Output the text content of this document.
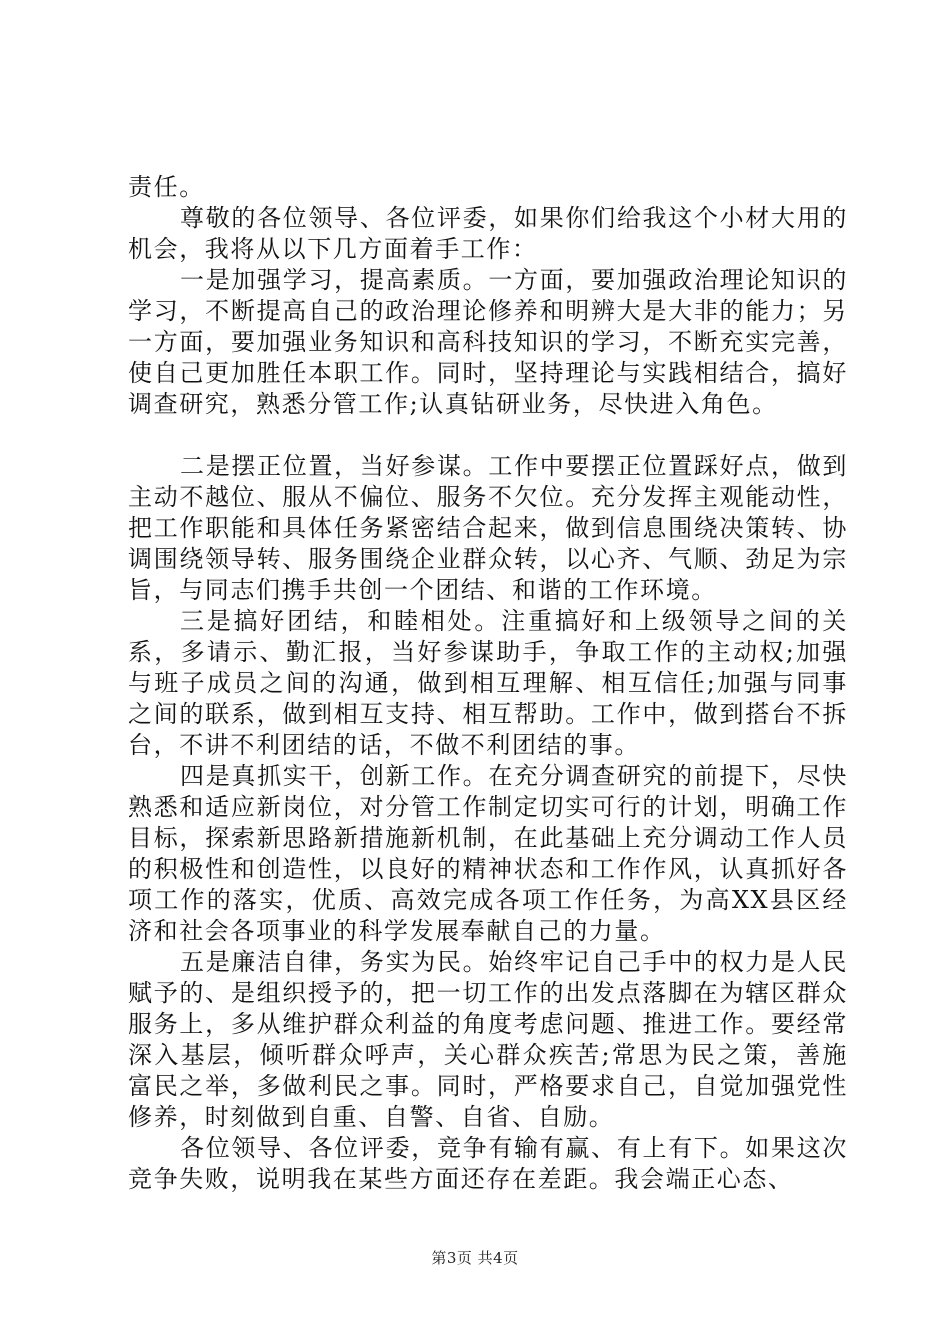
责任。

尊敬的各位领导、各位评委，如果你们给我这个小材大用的机会，我将从以下几方面着手工作：

一是加强学习，提高素质。一方面，要加强政治理论知识的学习，不断提高自己的政治理论修养和明辨大是大非的能力；另一方面，要加强业务知识和高科技知识的学习，不断充实完善，使自己更加胜任本职工作。同时，坚持理论与实践相结合，搞好调查研究，熟悉分管工作;认真钻研业务，尽快进入角色。

二是摆正位置，当好参谋。工作中要摆正位置踩好点，做到主动不越位、服从不偏位、服务不欠位。充分发挥主观能动性，把工作职能和具体任务紧密结合起来，做到信息围绕决策转、协调围绕领导转、服务围绕企业群众转，以心齐、气顺、劲足为宗旨，与同志们携手共创一个团结、和谐的工作环境。

三是搞好团结，和睦相处。注重搞好和上级领导之间的关系，多请示、勤汇报，当好参谋助手，争取工作的主动权;加强与班子成员之间的沟通，做到相互理解、相互信任;加强与同事之间的联系，做到相互支持、相互帮助。工作中，做到搭台不拆台，不讲不利团结的话，不做不利团结的事。

四是真抓实干，创新工作。在充分调查研究的前提下，尽快熟悉和适应新岗位，对分管工作制定切实可行的计划，明确工作目标，探索新思路新措施新机制，在此基础上充分调动工作人员的积极性和创造性，以良好的精神状态和工作作风，认真抓好各项工作的落实，优质、高效完成各项工作任务，为高XX县区经济和社会各项事业的科学发展奉献自己的力量。

五是廉洁自律，务实为民。始终牢记自己手中的权力是人民赋予的、是组织授予的，把一切工作的出发点落脚在为辖区群众服务上，多从维护群众利益的角度考虑问题、推进工作。要经常深入基层，倾听群众呼声，关心群众疾苦;常思为民之策，善施富民之举，多做利民之事。同时，严格要求自己，自觉加强党性修养，时刻做到自重、自警、自省、自励。

各位领导、各位评委，竞争有输有赢、有上有下。如果这次竞争失败，说明我在某些方面还存在差距。我会端正心态、

第3页 共4页
